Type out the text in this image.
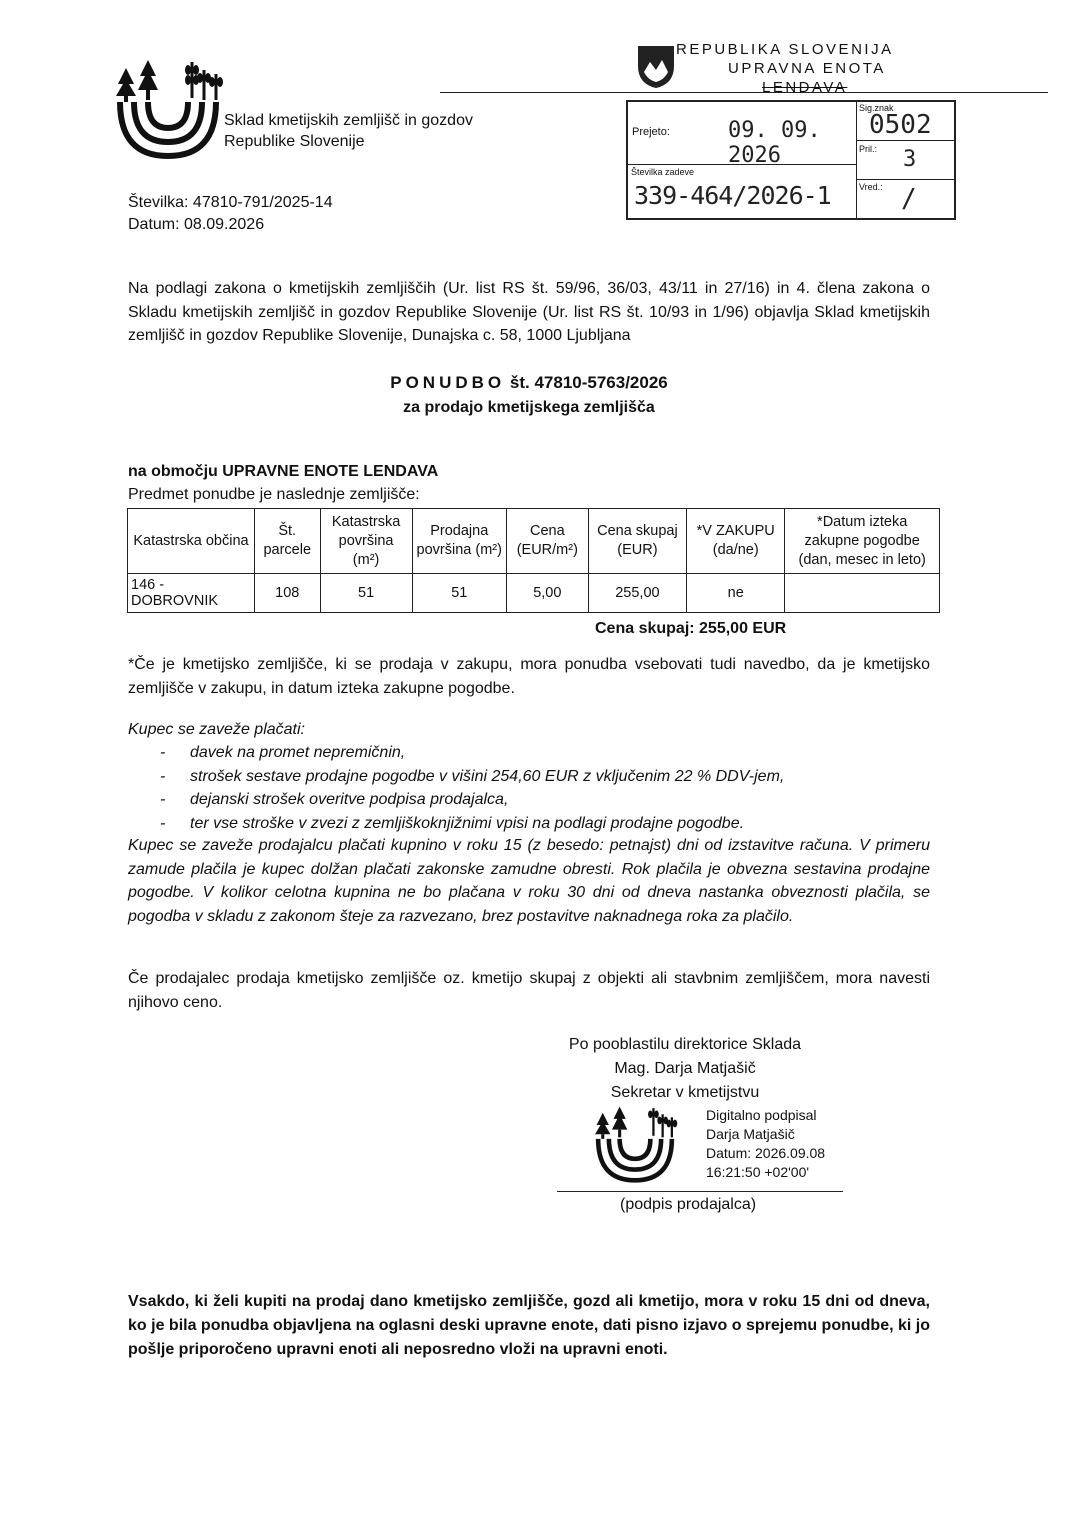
Sklad kmetijskih zemljišč in gozdov
Republike Slovenije
REPUBLIKA SLOVENIJA
UPRAVNA ENOTA
LENDAVA
Prejeto:	09. 09. 2026
Sig.znak
0502
Pril.: 3
Številka zadeve
339-464/2026-1	Vred.: /
Številka: 47810-791/2025-14
Datum: 08.09.2026
Na podlagi zakona o kmetijskih zemljiščih (Ur. list RS št. 59/96, 36/03, 43/11 in 27/16) in 4. člena zakona o Skladu kmetijskih zemljišč in gozdov Republike Slovenije (Ur. list RS št. 10/93 in 1/96) objavlja Sklad kmetijskih zemljišč in gozdov Republike Slovenije, Dunajska c. 58, 1000 Ljubljana
PONUDBO št. 47810-5763/2026
za prodajo kmetijskega zemljišča
na območju UPRAVNE ENOTE LENDAVA
Predmet ponudbe je naslednje zemljišče:
Katastrska občina	Št. parcele	Katastrska površina (m²)	Prodajna površina (m²)	Cena (EUR/m²)	Cena skupaj (EUR)	*V ZAKUPU (da/ne)	*Datum izteka zakupne pogodbe (dan, mesec in leto)
146 - DOBROVNIK	108	51	51	5,00	255,00	ne	
Cena skupaj: 255,00 EUR
*Če je kmetijsko zemljišče, ki se prodaja v zakupu, mora ponudba vsebovati tudi navedbo, da je kmetijsko zemljišče v zakupu, in datum izteka zakupne pogodbe.
Kupec se zaveže plačati:
- davek na promet nepremičnin,
- strošek sestave prodajne pogodbe v višini 254,60 EUR z vključenim 22 % DDV-jem,
- dejanski strošek overitve podpisa prodajalca,
- ter vse stroške v zvezi z zemljiškoknjižnimi vpisi na podlagi prodajne pogodbe.
Kupec se zaveže prodajalcu plačati kupnino v roku 15 (z besedo: petnajst) dni od izstavitve računa. V primeru zamude plačila je kupec dolžan plačati zakonske zamudne obresti. Rok plačila je obvezna sestavina prodajne pogodbe. V kolikor celotna kupnina ne bo plačana v roku 30 dni od dneva nastanka obveznosti plačila, se pogodba v skladu z zakonom šteje za razvezano, brez postavitve naknadnega roka za plačilo.
Če prodajalec prodaja kmetijsko zemljišče oz. kmetijo skupaj z objekti ali stavbnim zemljiščem, mora navesti njihovo ceno.
Po pooblastilu direktorice Sklada
Mag. Darja Matjašič
Sekretar v kmetijstvu
Digitalno podpisal
Darja Matjašič
Datum: 2026.09.08
16:21:50 +02'00'
(podpis prodajalca)
Vsakdo, ki želi kupiti na prodaj dano kmetijsko zemljišče, gozd ali kmetijo, mora v roku 15 dni od dneva, ko je bila ponudba objavljena na oglasni deski upravne enote, dati pisno izjavo o sprejemu ponudbe, ki jo pošlje priporočeno upravni enoti ali neposredno vloži na upravni enoti.
